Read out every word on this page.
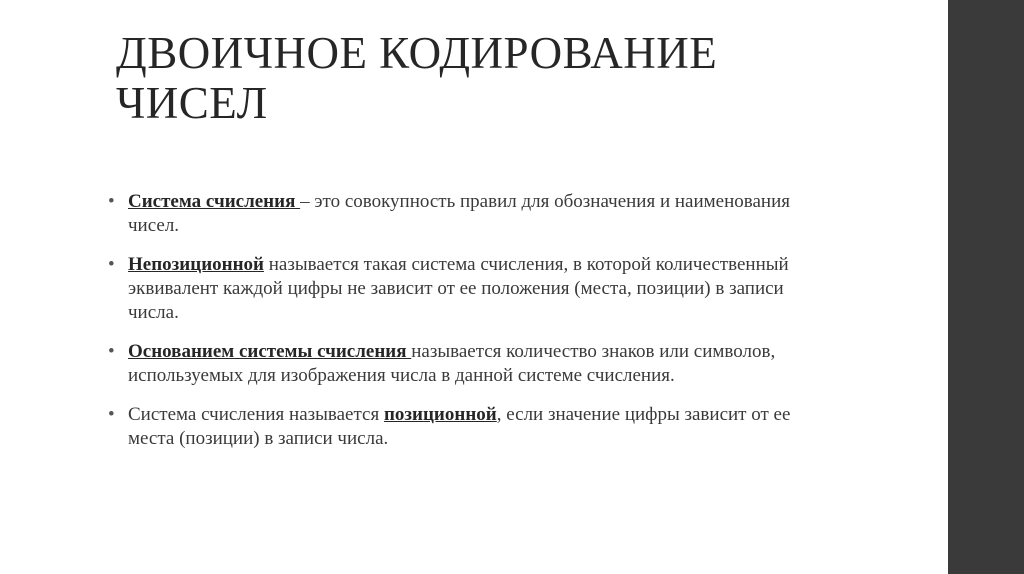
ДВОИЧНОЕ КОДИРОВАНИЕ ЧИСЕЛ
• Система счисления – это совокупность правил для обозначения и наименования чисел.
• Непозиционной называется такая система счисления, в которой количественный эквивалент каждой цифры не зависит от ее положения (места, позиции) в записи числа.
• Основанием системы счисления называется количество знаков или символов, используемых для изображения числа в данной системе счисления.
• Система счисления называется позиционной, если значение цифры зависит от ее места (позиции) в записи числа.
